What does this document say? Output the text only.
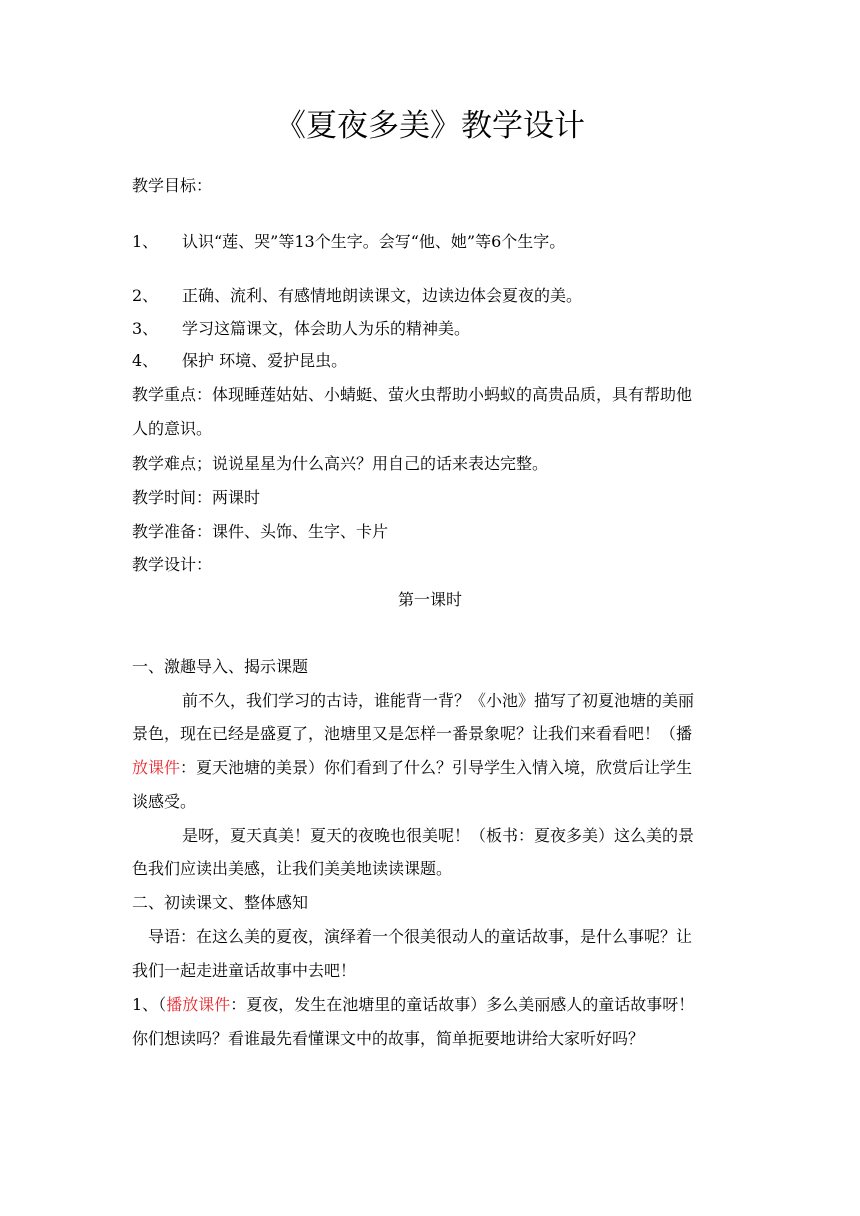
《夏夜多美》教学设计
教学目标：
1、 认识“莲、哭”等13个生字。会写“他、她”等6个生字。
2、 正确、流利、有感情地朗读课文，边读边体会夏夜的美。
3、 学习这篇课文，体会助人为乐的精神美。
4、 保护 环境、爱护昆虫。
教学重点：体现睡莲姑姑、小蜻蜓、萤火虫帮助小蚂蚁的高贵品质，具有帮助他
人的意识。
教学难点；说说星星为什么高兴？用自己的话来表达完整。
教学时间：两课时
教学准备：课件、头饰、生字、卡片
教学设计：
第一课时
一、激趣导入、揭示课题
前不久，我们学习的古诗，谁能背一背？《小池》描写了初夏池塘的美丽
景色，现在已经是盛夏了，池塘里又是怎样一番景象呢？让我们来看看吧！（播
放课件：夏天池塘的美景）你们看到了什么？引导学生入情入境，欣赏后让学生
谈感受。
是呀，夏天真美！夏天的夜晚也很美呢！（板书：夏夜多美）这么美的景
色我们应读出美感，让我们美美地读读课题。
二、初读课文、整体感知
导语：在这么美的夏夜，演绎着一个很美很动人的童话故事，是什么事呢？让
我们一起走进童话故事中去吧！
1、（播放课件：夏夜，发生在池塘里的童话故事）多么美丽感人的童话故事呀！
你们想读吗？看谁最先看懂课文中的故事，简单扼要地讲给大家听好吗？
